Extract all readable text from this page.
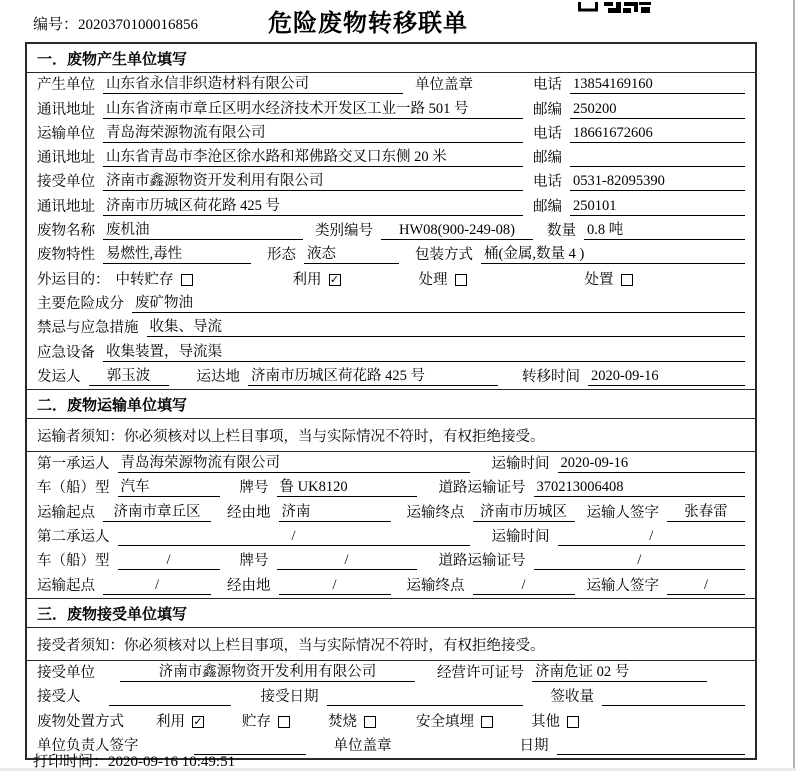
编号：2020370100016856	危险废物转移联单
一．废物产生单位填写
产生单位 山东省永信非织造材料有限公司	单位盖章	电话 13854169160
通讯地址 山东省济南市章丘区明水经济技术开发区工业一路 501 号	邮编 250200
运输单位 青岛海荣源物流有限公司	电话 18661672606
通讯地址 山东省青岛市李沧区徐水路和郑佛路交叉口东侧 20 米	邮编
接受单位 济南市鑫源物资开发利用有限公司	电话 0531-82095390
通讯地址 济南市历城区荷花路 425 号	邮编 250101
废物名称 废机油	类别编号	HW08(900-249-08)	数量 0.8 吨
废物特性 易燃性,毒性	形态 液态	包装方式 桶(金属,数量 4 )
外运目的： 中转贮存	利用 ✓	处理	处置
主要危险成分 废矿物油
禁忌与应急措施 收集、导流
应急设备 收集装置，导流渠
发运人	郭玉波	运达地 济南市历城区荷花路 425 号	转移时间 2020-09-16
二．废物运输单位填写
运输者须知：你必须核对以上栏目事项，当与实际情况不符时，有权拒绝接受。
第一承运人 青岛海荣源物流有限公司	运输时间 2020-09-16
车（船）型 汽车	牌号 鲁 UK8120	道路运输证号 370213006408
运输起点	济南市章丘区	经由地 济南	运输终点	济南市历城区	运输人签字	张春雷
第二承运人	/	运输时间	/
车（船）型	/	牌号	/	道路运输证号	/
运输起点	/	经由地	/	运输终点	/	运输人签字	/
三．废物接受单位填写
接受者须知：你必须核对以上栏目事项，当与实际情况不符时，有权拒绝接受。
接受单位	济南市鑫源物资开发利用有限公司	经营许可证号 济南危证 02 号
接受人	接受日期	签收量
废物处置方式 利用 ✓	贮存	焚烧	安全填埋	其他
单位负责人签字	单位盖章	日期
打印时间：2020-09-16 10:49:51
